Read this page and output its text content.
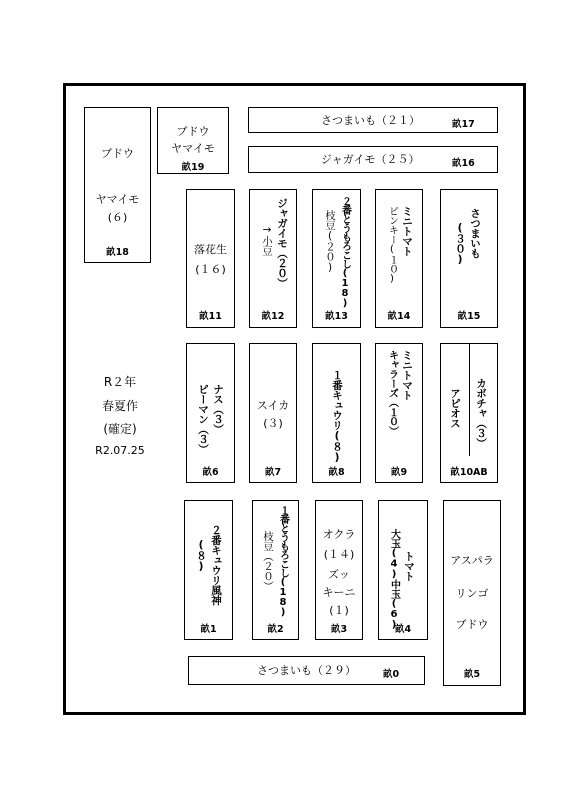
R２年
春夏作
(確定)
R2.07.25
ブドウ
ヤマイモ
(６)
畝18
ブドウ
ヤマイモ
畝19
さつまいも（２１）	畝17
ジャガイモ（２５）	畝16
落花生
(１６)
畝11
ジャガイモ（２０）
→小豆
畝12
２番とうもろこし(18)
枝豆(２０)
畝13
ミニトマト
ピンキー(１０)
畝14
さつまいも
(３０)
畝15
ナス（３）
ピーマン（３）
畝6
スイカ
(３)
畝7
１番キュウリ(８)
畝8
ミニトマト
キャラーズ（１０）
畝9
アピオス カボチャ（３）
畝10AB
２番キュウリ風神
(８)
畝1
１番とうもろこし(18)
枝豆（２０）
畝2
オクラ
(１４)
ズッ
キーニ
(１)
畝3
トマト
大玉(4)中玉(6)
畝4
アスパラ
リンゴ
ブドウ
畝5
さつまいも（２９）	畝0
